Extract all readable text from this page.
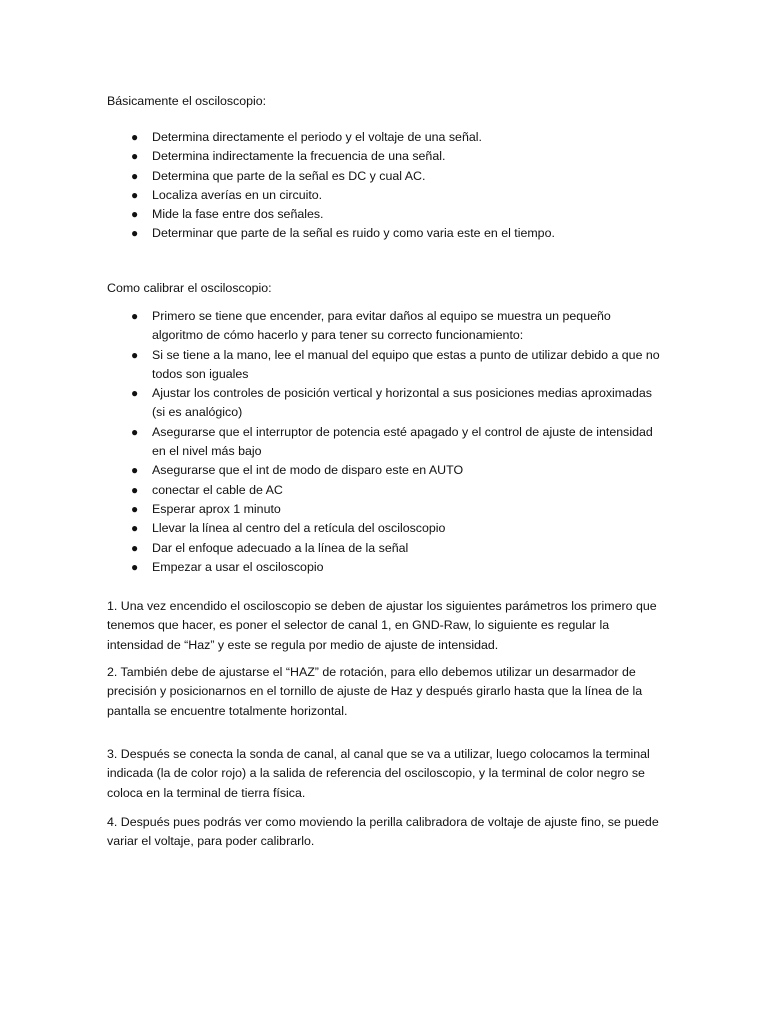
Básicamente el osciloscopio:
● Determina directamente el periodo y el voltaje de una señal.
● Determina indirectamente la frecuencia de una señal.
● Determina que parte de la señal es DC y cual AC.
● Localiza averías en un circuito.
● Mide la fase entre dos señales.
● Determinar que parte de la señal es ruido y como varia este en el tiempo.
Como calibrar el osciloscopio:
● Primero se tiene que encender, para evitar daños al equipo se muestra un pequeño algoritmo de cómo hacerlo y para tener su correcto funcionamiento:
● Si se tiene a la mano, lee el manual del equipo que estas a punto de utilizar debido a que no todos son iguales
● Ajustar los controles de posición vertical y horizontal a sus posiciones medias aproximadas (si es analógico)
● Asegurarse que el interruptor de potencia esté apagado y el control de ajuste de intensidad en el nivel más bajo
● Asegurarse que el int de modo de disparo este en AUTO
● conectar el cable de AC
● Esperar aprox 1 minuto
● Llevar la línea al centro del a retícula del osciloscopio
● Dar el enfoque adecuado a la línea de la señal
● Empezar a usar el osciloscopio

1. Una vez encendido el osciloscopio se deben de ajustar los siguientes parámetros los primero que tenemos que hacer, es poner el selector de canal 1, en GND-Raw, lo siguiente es regular la intensidad de “Haz” y este se regula por medio de ajuste de intensidad.

2. También debe de ajustarse el “HAZ” de rotación, para ello debemos utilizar un desarmador de precisión y posicionarnos en el tornillo de ajuste de Haz y después girarlo hasta que la línea de la pantalla se encuentre totalmente horizontal.

3. Después se conecta la sonda de canal, al canal que se va a utilizar, luego colocamos la terminal indicada (la de color rojo) a la salida de referencia del osciloscopio, y la terminal de color negro se coloca en la terminal de tierra física.

4. Después pues podrás ver como moviendo la perilla calibradora de voltaje de ajuste fino, se puede variar el voltaje, para poder calibrarlo.
